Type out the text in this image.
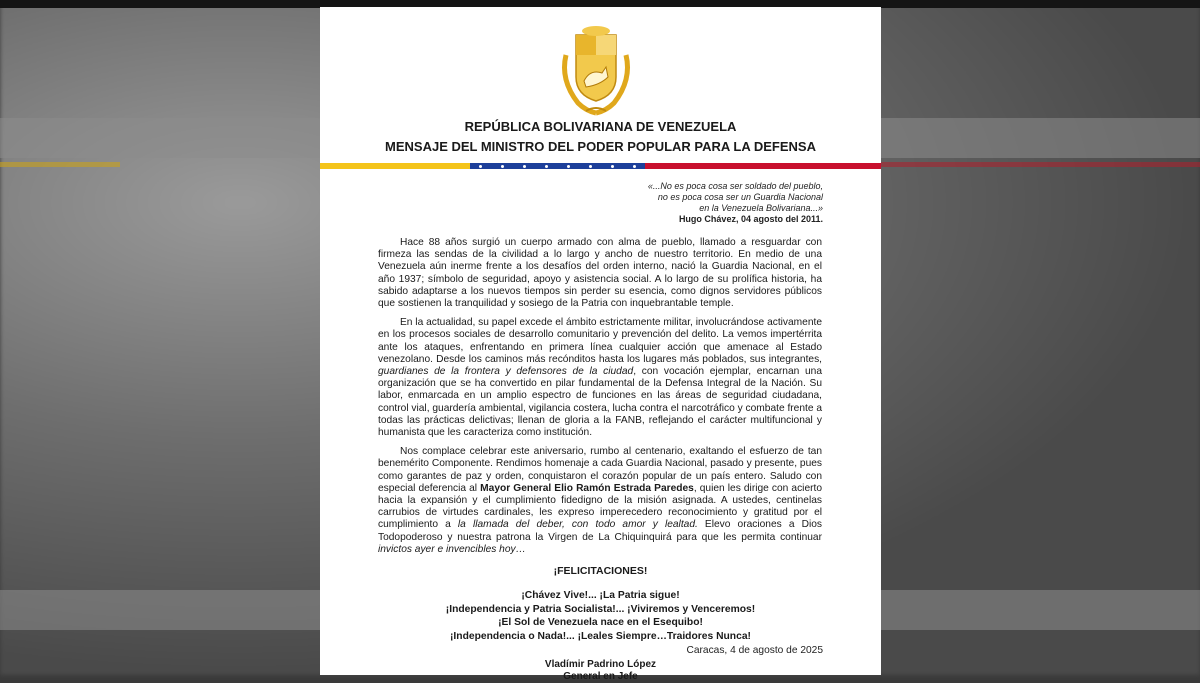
REPÚBLICA BOLIVARIANA DE VENEZUELA
MENSAJE DEL MINISTRO DEL PODER POPULAR PARA LA DEFENSA
«...No es poca cosa ser soldado del pueblo,
no es poca cosa ser un Guardia Nacional
en la Venezuela Bolivariana...»
Hugo Chávez, 04 agosto del 2011.

Hace 88 años surgió un cuerpo armado con alma de pueblo, llamado a resguardar con firmeza las sendas de la civilidad a lo largo y ancho de nuestro territorio. En medio de una Venezuela aún inerme frente a los desafíos del orden interno, nació la Guardia Nacional, en el año 1937; símbolo de seguridad, apoyo y asistencia social. A lo largo de su prolífica historia, ha sabido adaptarse a los nuevos tiempos sin perder su esencia, como dignos servidores públicos que sostienen la tranquilidad y sosiego de la Patria con inquebrantable temple.

En la actualidad, su papel excede el ámbito estrictamente militar, involucrándose activamente en los procesos sociales de desarrollo comunitario y prevención del delito. La vemos impertérrita ante los ataques, enfrentando en primera línea cualquier acción que amenace al Estado venezolano. Desde los caminos más recónditos hasta los lugares más poblados, sus integrantes, guardianes de la frontera y defensores de la ciudad, con vocación ejemplar, encarnan una organización que se ha convertido en pilar fundamental de la Defensa Integral de la Nación. Su labor, enmarcada en un amplio espectro de funciones en las áreas de seguridad ciudadana, control vial, guardería ambiental, vigilancia costera, lucha contra el narcotráfico y combate frente a todas las prácticas delictivas; llenan de gloria a la FANB, reflejando el carácter multifuncional y humanista que les caracteriza como institución.

Nos complace celebrar este aniversario, rumbo al centenario, exaltando el esfuerzo de tan benemérito Componente. Rendimos homenaje a cada Guardia Nacional, pasado y presente, pues como garantes de paz y orden, conquistaron el corazón popular de un país entero. Saludo con especial deferencia al Mayor General Elio Ramón Estrada Paredes, quien les dirige con acierto hacia la expansión y el cumplimiento fidedigno de la misión asignada. A ustedes, centinelas carrubios de virtudes cardinales, les expreso imperecedero reconocimiento y gratitud por el cumplimiento a la llamada del deber, con todo amor y lealtad. Elevo oraciones a Dios Todopoderoso y nuestra patrona la Virgen de La Chiquinquirá para que les permita continuar invictos ayer e invencibles hoy…

¡FELICITACIONES!
¡Chávez Vive!... ¡La Patria sigue!
¡Independencia y Patria Socialista!... ¡Viviremos y Venceremos!
¡El Sol de Venezuela nace en el Esequibo!
¡Independencia o Nada!... ¡Leales Siempre…Traidores Nunca!
Caracas, 4 de agosto de 2025
Vladímir Padrino López
General en Jefe
